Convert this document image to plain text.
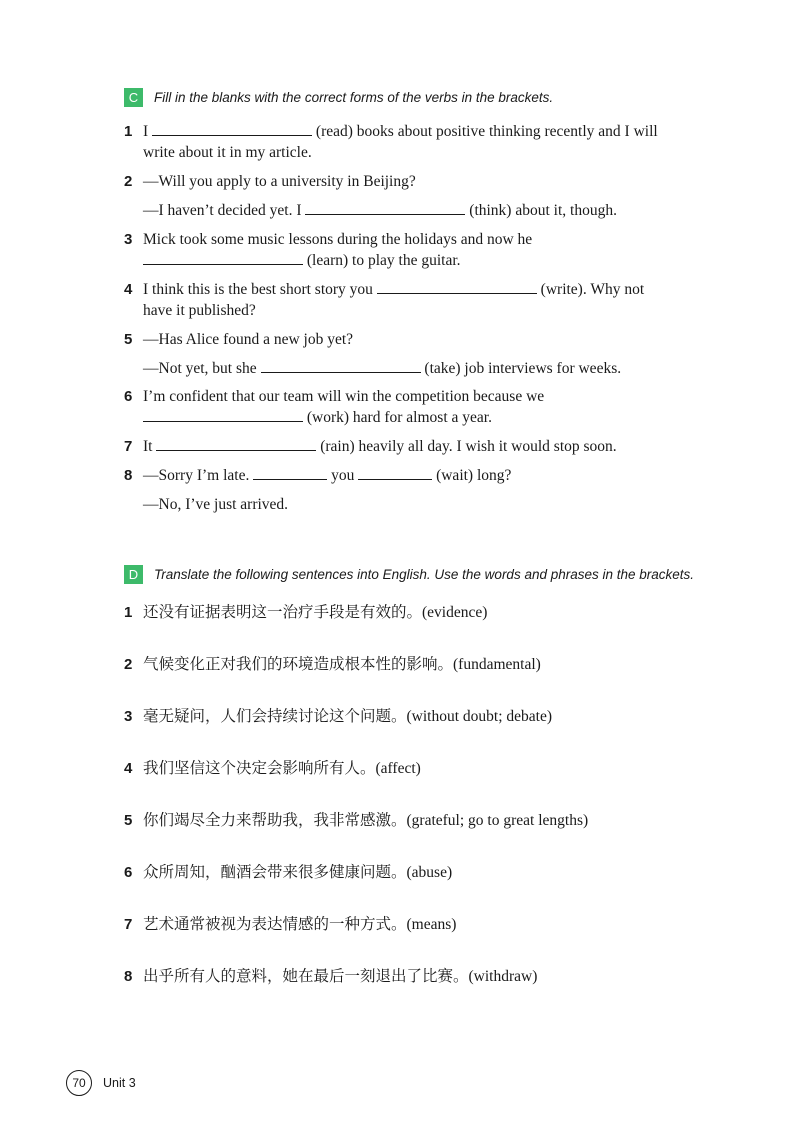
C	Fill in the blanks with the correct forms of the verbs in the brackets.
1 I	(read) books about positive thinking recently and I will
write about it in my article.
2 —Will you apply to a university in Beijing?
—I haven’t decided yet. I	(think) about it, though.
3 Mick took some music lessons during the holidays and now he
(learn) to play the guitar.
4 I think this is the best short story you	(write). Why not
have it published?
5 —Has Alice found a new job yet?
—Not yet, but she	(take) job interviews for weeks.
6 I’m confident that our team will win the competition because we
(work) hard for almost a year.
7 It	(rain) heavily all day. I wish it would stop soon.
8 —Sorry I’m late.	you	(wait) long?
—No, I’ve just arrived.
D	Translate the following sentences into English. Use the words and phrases in the brackets.
1 还没有证据表明这一治疗手段是有效的。(evidence)
2 气候变化正对我们的环境造成根本性的影响。(fundamental)
3 毫无疑问，人们会持续讨论这个问题。(without doubt; debate)
4 我们坚信这个决定会影响所有人。(affect)
5 你们竭尽全力来帮助我，我非常感激。(grateful; go to great lengths)
6 众所周知，酗酒会带来很多健康问题。(abuse)
7 艺术通常被视为表达情感的一种方式。(means)
8 出乎所有人的意料，她在最后一刻退出了比赛。(withdraw)
70	Unit 3
